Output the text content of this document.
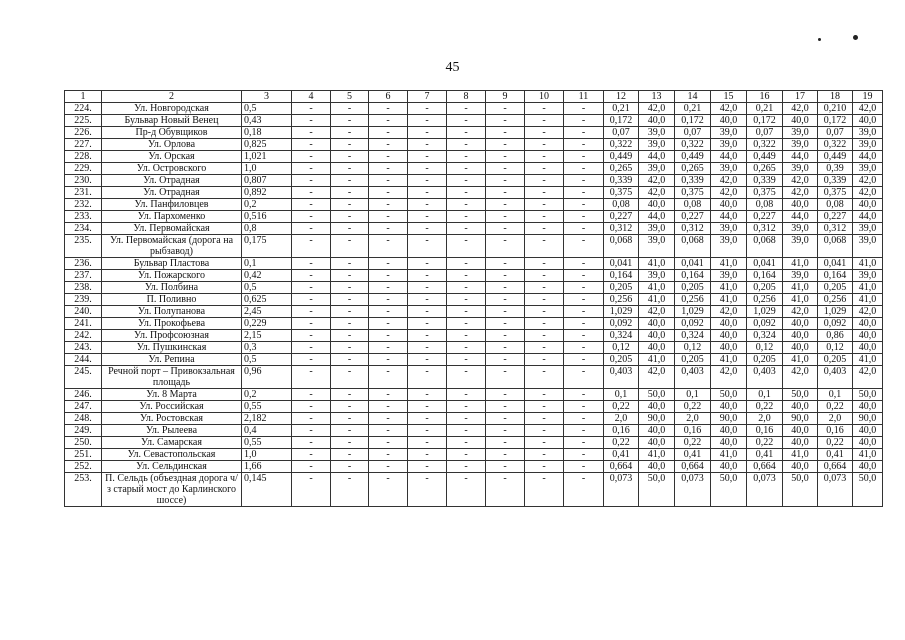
45
1	2	3	4	5	6	7	8	9	10	11	12	13	14	15	16	17	18	19
224.	Ул. Новгородская	0,5	-	-	-	-	-	-	-	-	0,21	42,0	0,21	42,0	0,21	42,0	0,210	42,0
225.	Бульвар Новый Венец	0,43	-	-	-	-	-	-	-	-	0,172	40,0	0,172	40,0	0,172	40,0	0,172	40,0
226.	Пр-д Обувщиков	0,18	-	-	-	-	-	-	-	-	0,07	39,0	0,07	39,0	0,07	39,0	0,07	39,0
227.	Ул. Орлова	0,825	-	-	-	-	-	-	-	-	0,322	39,0	0,322	39,0	0,322	39,0	0,322	39,0
228.	Ул. Орская	1,021	-	-	-	-	-	-	-	-	0,449	44,0	0,449	44,0	0,449	44,0	0,449	44,0
229.	Ул. Островского	1,0	-	-	-	-	-	-	-	-	0,265	39,0	0,265	39,0	0,265	39,0	0,39	39,0
230.	Ул. Отрадная	0,807	-	-	-	-	-	-	-	-	0,339	42,0	0,339	42,0	0,339	42,0	0,339	42,0
231.	Ул. Отрадная	0,892	-	-	-	-	-	-	-	-	0,375	42,0	0,375	42,0	0,375	42,0	0,375	42,0
232.	Ул. Панфиловцев	0,2	-	-	-	-	-	-	-	-	0,08	40,0	0,08	40,0	0,08	40,0	0,08	40,0
233.	Ул. Пархоменко	0,516	-	-	-	-	-	-	-	-	0,227	44,0	0,227	44,0	0,227	44,0	0,227	44,0
234.	Ул. Первомайская	0,8	-	-	-	-	-	-	-	-	0,312	39,0	0,312	39,0	0,312	39,0	0,312	39,0
235.	Ул. Первомайская (дорога на рыбзавод)	0,175	-	-	-	-	-	-	-	-	0,068	39,0	0,068	39,0	0,068	39,0	0,068	39,0
236.	Бульвар Пластова	0,1	-	-	-	-	-	-	-	-	0,041	41,0	0,041	41,0	0,041	41,0	0,041	41,0
237.	Ул. Пожарского	0,42	-	-	-	-	-	-	-	-	0,164	39,0	0,164	39,0	0,164	39,0	0,164	39,0
238.	Ул. Полбина	0,5	-	-	-	-	-	-	-	-	0,205	41,0	0,205	41,0	0,205	41,0	0,205	41,0
239.	П. Поливно	0,625	-	-	-	-	-	-	-	-	0,256	41,0	0,256	41,0	0,256	41,0	0,256	41,0
240.	Ул. Полупанова	2,45	-	-	-	-	-	-	-	-	1,029	42,0	1,029	42,0	1,029	42,0	1,029	42,0
241.	Ул. Прокофьева	0,229	-	-	-	-	-	-	-	-	0,092	40,0	0,092	40,0	0,092	40,0	0,092	40,0
242.	Ул. Профсоюзная	2,15	-	-	-	-	-	-	-	-	0,324	40,0	0,324	40,0	0,324	40,0	0,86	40,0
243.	Ул. Пушкинская	0,3	-	-	-	-	-	-	-	-	0,12	40,0	0,12	40,0	0,12	40,0	0,12	40,0
244.	Ул. Репина	0,5	-	-	-	-	-	-	-	-	0,205	41,0	0,205	41,0	0,205	41,0	0,205	41,0
245.	Речной порт – Привокзальная площадь	0,96	-	-	-	-	-	-	-	-	0,403	42,0	0,403	42,0	0,403	42,0	0,403	42,0
246.	Ул. 8 Марта	0,2	-	-	-	-	-	-	-	-	0,1	50,0	0,1	50,0	0,1	50,0	0,1	50,0
247.	Ул. Российская	0,55	-	-	-	-	-	-	-	-	0,22	40,0	0,22	40,0	0,22	40,0	0,22	40,0
248.	Ул. Ростовская	2,182	-	-	-	-	-	-	-	-	2,0	90,0	2,0	90,0	2,0	90,0	2,0	90,0
249.	Ул. Рылеева	0,4	-	-	-	-	-	-	-	-	0,16	40,0	0,16	40,0	0,16	40,0	0,16	40,0
250.	Ул. Самарская	0,55	-	-	-	-	-	-	-	-	0,22	40,0	0,22	40,0	0,22	40,0	0,22	40,0
251.	Ул. Севастопольская	1,0	-	-	-	-	-	-	-	-	0,41	41,0	0,41	41,0	0,41	41,0	0,41	41,0
252.	Ул. Сельдинская	1,66	-	-	-	-	-	-	-	-	0,664	40,0	0,664	40,0	0,664	40,0	0,664	40,0
253.	П. Сельдь (объездная дорога ч/з старый мост до Карлинского шоссе)	0,145	-	-	-	-	-	-	-	-	0,073	50,0	0,073	50,0	0,073	50,0	0,073	50,0
